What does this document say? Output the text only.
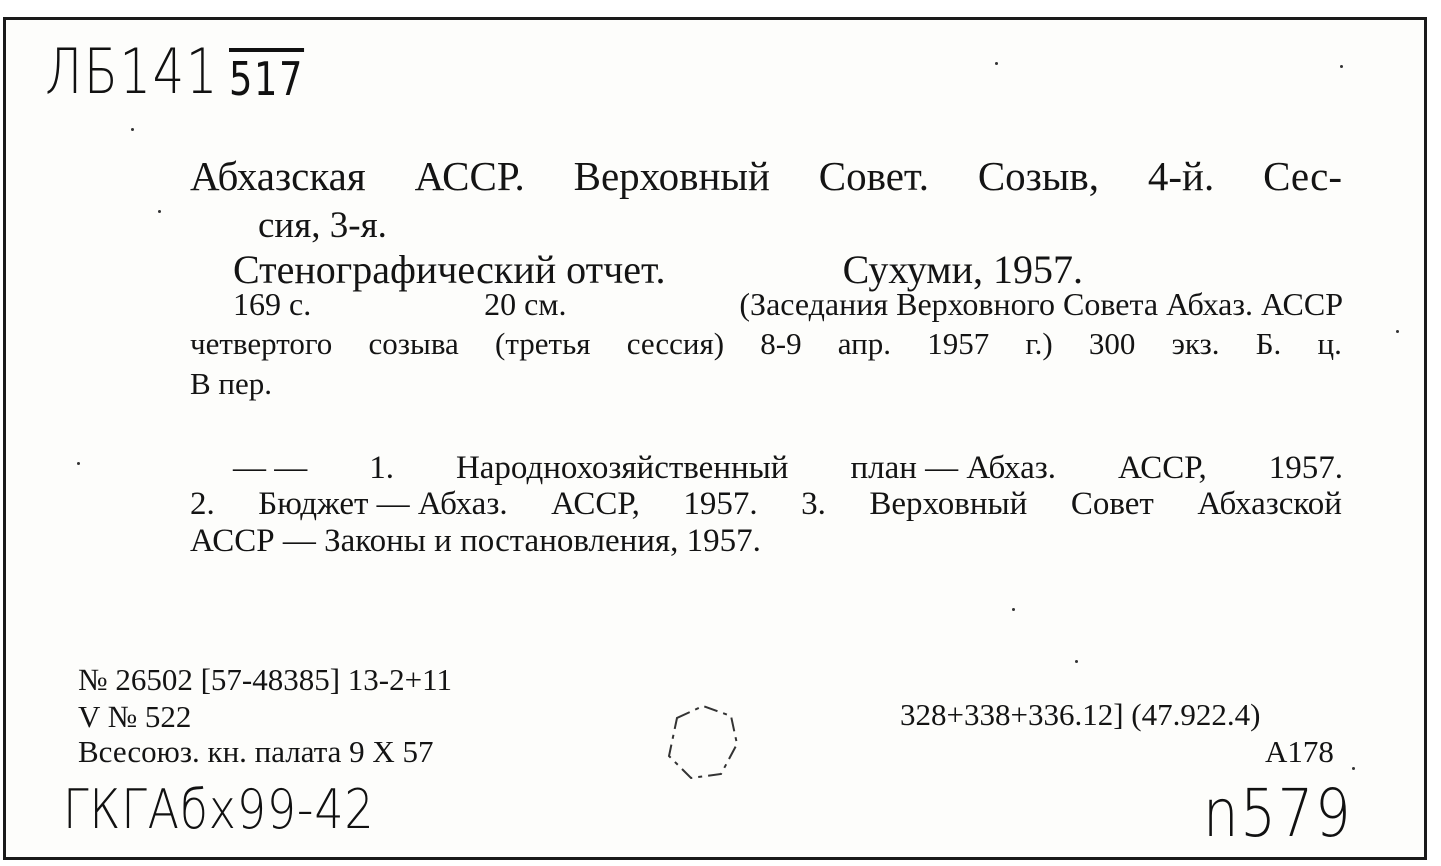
ЛБ141 517
ГКГАбх99-42	n579
Абхазская АССР. Верховный Совет. Созыв, 4-й. Сес-
сия, 3-я.
Стенографический отчет.	Сухуми, 1957.
169 с.	20 см.	(Заседания Верховного Совета Абхаз. АССР
четвертого созыва (третья сессия) 8-9 апр. 1957 г.) 300 экз. Б. ц.
В пер.
— — 1. Народнохозяйственный план — Абхаз. АССР, 1957.
2. Бюджет — Абхаз. АССР, 1957. 3. Верховный Совет Абхазской
АССР — Законы и постановления, 1957.
№ 26502 [57-48385] 13-2+11
V № 522
Всесоюз. кн. палата 9 X 57
328+338+336.12] (47.922.4)
А178
